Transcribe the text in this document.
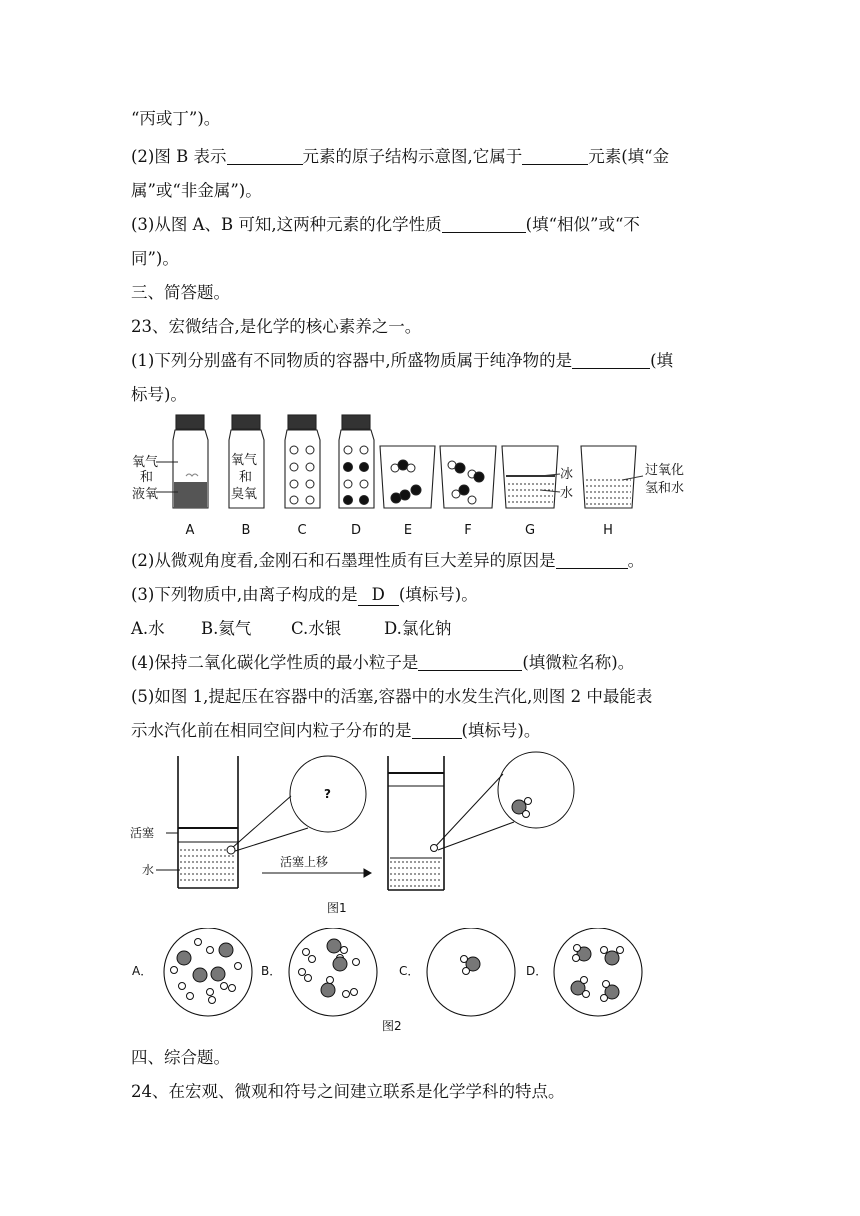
“丙或丁”)。
(2)图 B 表示	元素的原子结构示意图,它属于	元素(填“金
属”或“非金属”)。
(3)从图 A、B 可知,这两种元素的化学性质	(填“相似”或“不
同”)。
三、简答题。
23、宏微结合,是化学的核心素养之一。
(1)下列分别盛有不同物质的容器中,所盛物质属于纯净物的是	(填
标号)。
氧气
和
液氧
氧气
和
臭氧
冰
水
过氧化
氢和水
A	B	C	D	E	F	G	H
(2)从微观角度看,金刚石和石墨理性质有巨大差异的原因是	。
(3)下列物质中,由离子构成的是 D (填标号)。
A.水 B.氦气 C.水银	D.氯化钠
(4)保持二氧化碳化学性质的最小粒子是	(填微粒名称)。
(5)如图 1,提起压在容器中的活塞,容器中的水发生汽化,则图 2 中最能表
示水汽化前在相同空间内粒子分布的是	(填标号)。
?
活塞
水
活塞上移
图1
A．	B．	C．	D．
图2
四、综合题。
24、在宏观、微观和符号之间建立联系是化学学科的特点。
